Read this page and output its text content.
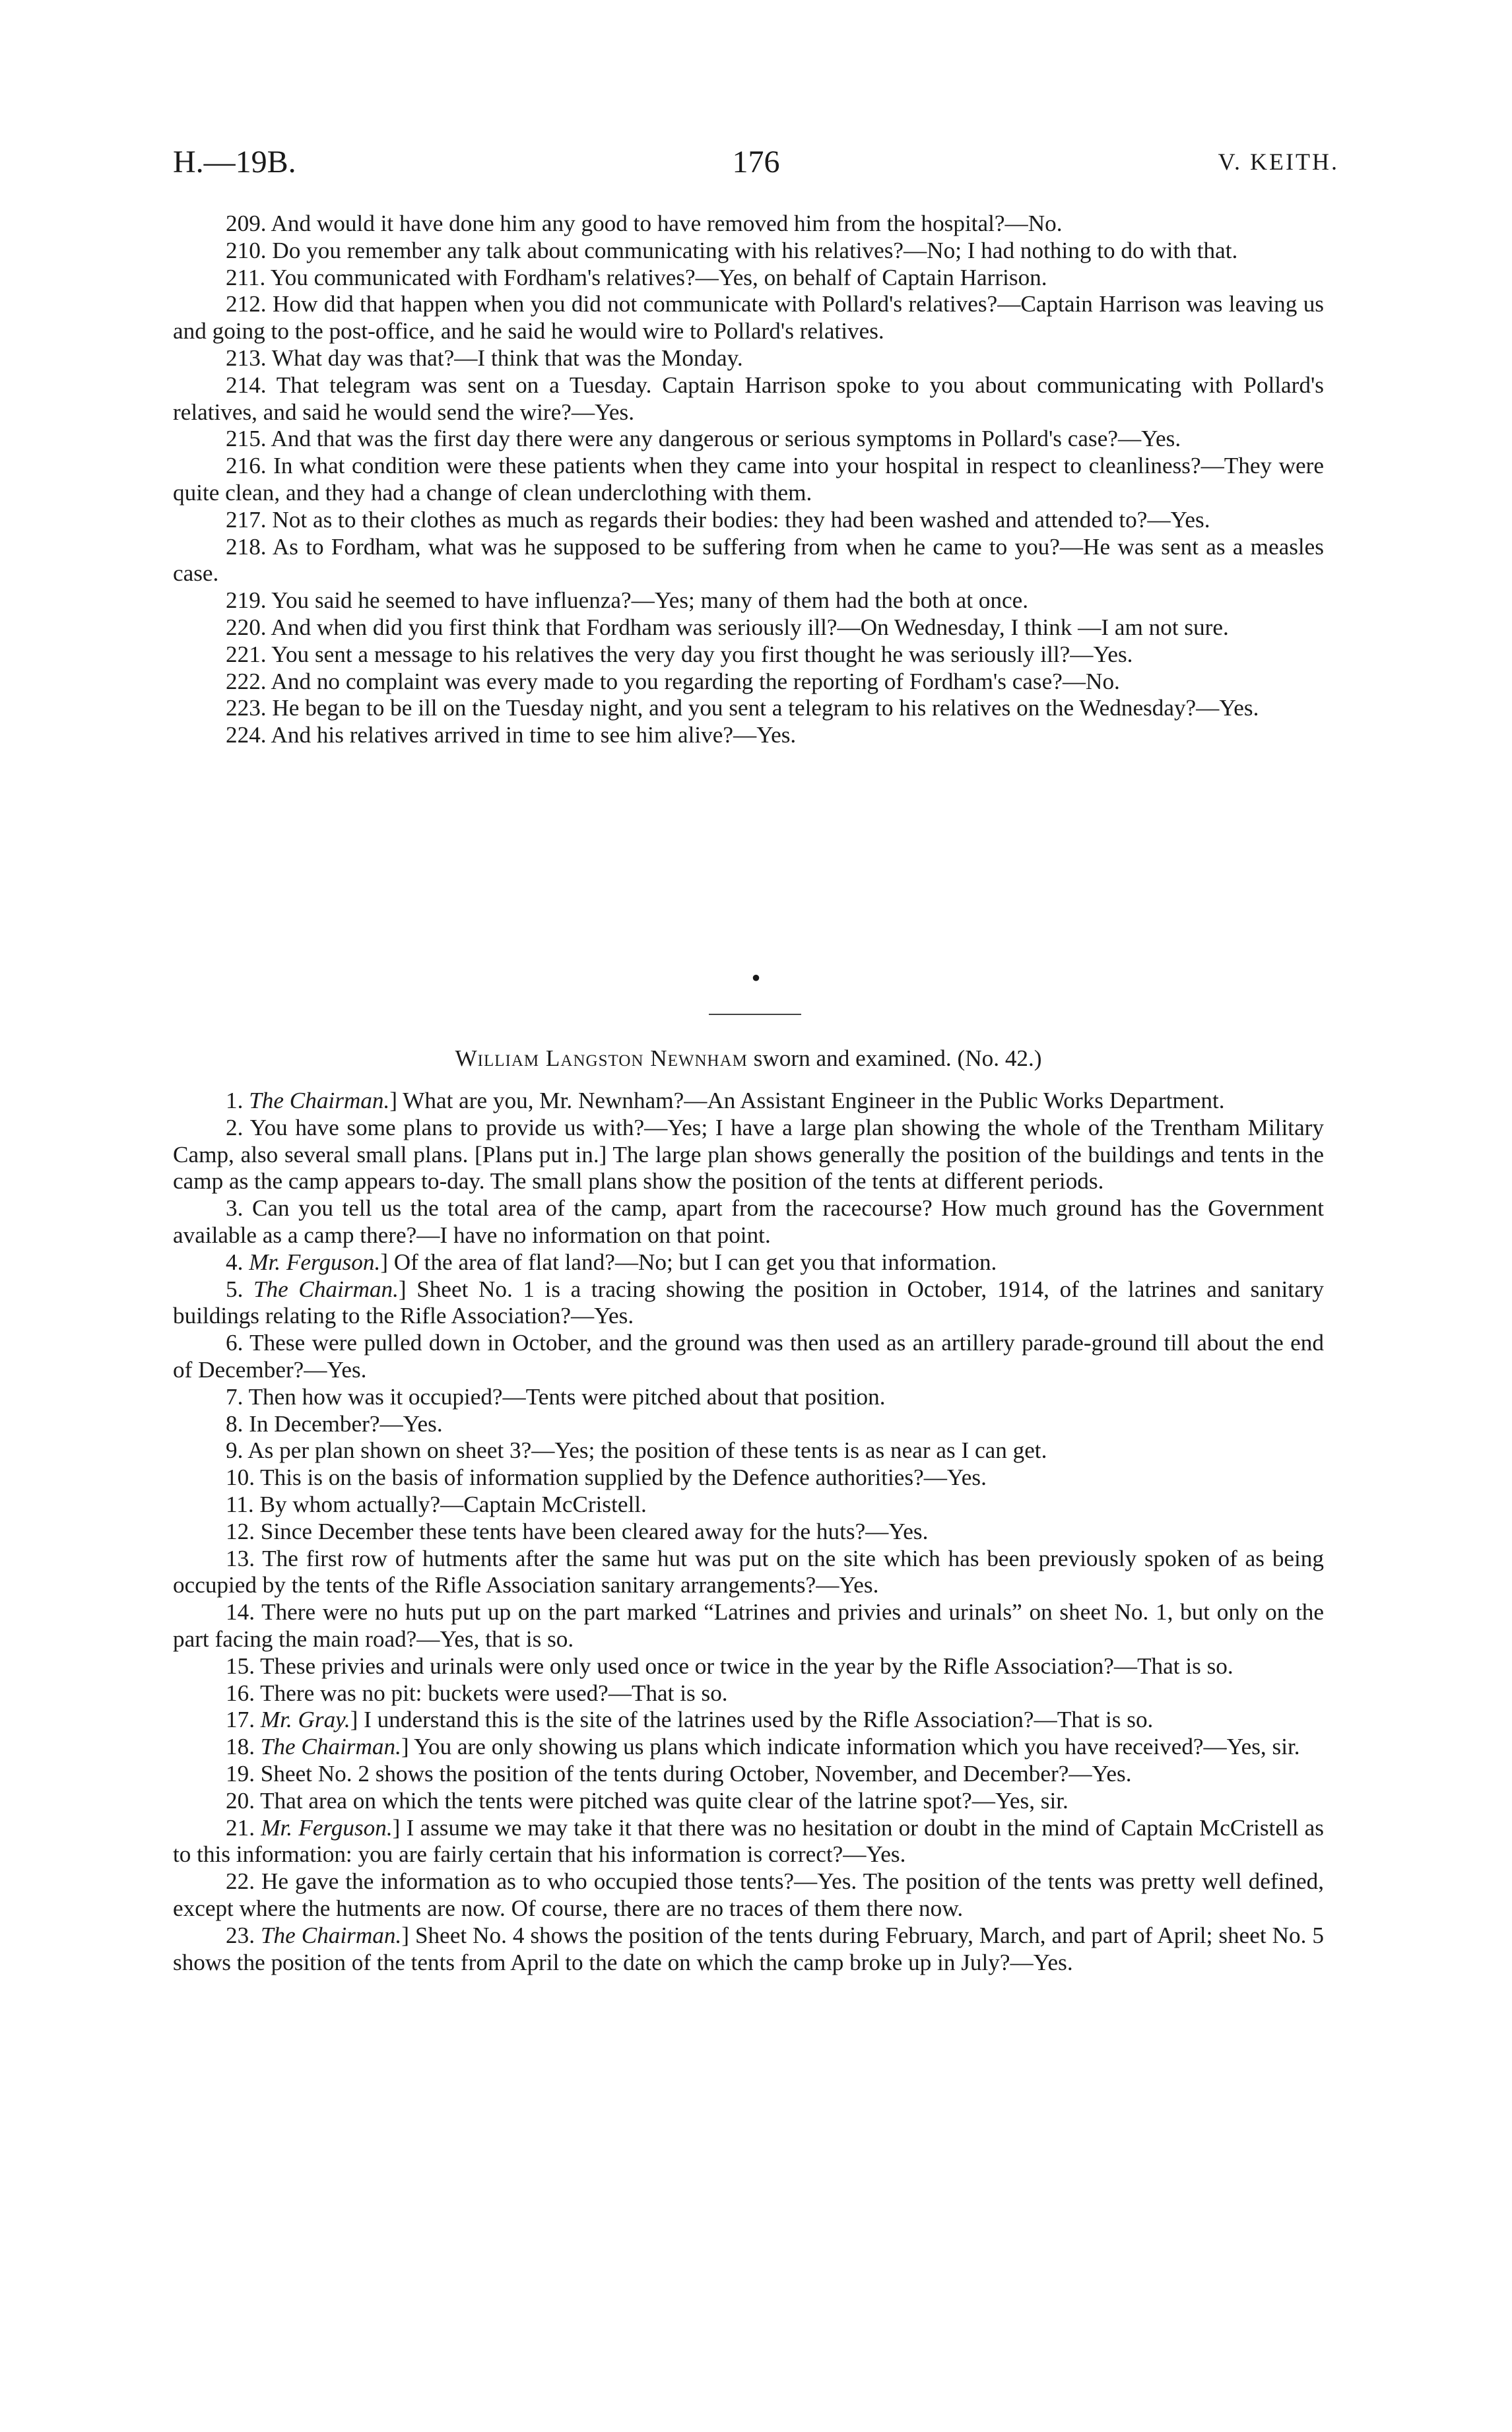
H.—19B.	176	V. KEITH.

209. And would it have done him any good to have removed him from the hospital?—No.

210. Do you remember any talk about communicating with his relatives?—No; I had nothing to do with that.

211. You communicated with Fordham's relatives?—Yes, on behalf of Captain Harrison.

212. How did that happen when you did not communicate with Pollard's relatives?—Captain Harrison was leaving us and going to the post-office, and he said he would wire to Pollard's relatives.

213. What day was that?—I think that was the Monday.

214. That telegram was sent on a Tuesday. Captain Harrison spoke to you about communicating with Pollard's relatives, and said he would send the wire?—Yes.

215. And that was the first day there were any dangerous or serious symptoms in Pollard's case?—Yes.

216. In what condition were these patients when they came into your hospital in respect to cleanliness?—They were quite clean, and they had a change of clean underclothing with them.

217. Not as to their clothes as much as regards their bodies: they had been washed and attended to?—Yes.

218. As to Fordham, what was he supposed to be suffering from when he came to you?—He was sent as a measles case.

219. You said he seemed to have influenza?—Yes; many of them had the both at once.

220. And when did you first think that Fordham was seriously ill?—On Wednesday, I think —I am not sure.

221. You sent a message to his relatives the very day you first thought he was seriously ill?—Yes.

222. And no complaint was every made to you regarding the reporting of Fordham's case?—No.

223. He began to be ill on the Tuesday night, and you sent a telegram to his relatives on the Wednesday?—Yes.

224. And his relatives arrived in time to see him alive?—Yes.

•
William Langston Newnham sworn and examined. (No. 42.)

1. The Chairman.] What are you, Mr. Newnham?—An Assistant Engineer in the Public Works Department.

2. You have some plans to provide us with?—Yes; I have a large plan showing the whole of the Trentham Military Camp, also several small plans. [Plans put in.] The large plan shows generally the position of the buildings and tents in the camp as the camp appears to-day. The small plans show the position of the tents at different periods.

3. Can you tell us the total area of the camp, apart from the racecourse? How much ground has the Government available as a camp there?—I have no information on that point.

4. Mr. Ferguson.] Of the area of flat land?—No; but I can get you that information.

5. The Chairman.] Sheet No. 1 is a tracing showing the position in October, 1914, of the latrines and sanitary buildings relating to the Rifle Association?—Yes.

6. These were pulled down in October, and the ground was then used as an artillery parade-ground till about the end of December?—Yes.

7. Then how was it occupied?—Tents were pitched about that position.

8. In December?—Yes.

9. As per plan shown on sheet 3?—Yes; the position of these tents is as near as I can get.

10. This is on the basis of information supplied by the Defence authorities?—Yes.

11. By whom actually?—Captain McCristell.

12. Since December these tents have been cleared away for the huts?—Yes.

13. The first row of hutments after the same hut was put on the site which has been previously spoken of as being occupied by the tents of the Rifle Association sanitary arrangements?—Yes.

14. There were no huts put up on the part marked “Latrines and privies and urinals” on sheet No. 1, but only on the part facing the main road?—Yes, that is so.

15. These privies and urinals were only used once or twice in the year by the Rifle Association?—That is so.

16. There was no pit: buckets were used?—That is so.

17. Mr. Gray.] I understand this is the site of the latrines used by the Rifle Association?—That is so.

18. The Chairman.] You are only showing us plans which indicate information which you have received?—Yes, sir.

19. Sheet No. 2 shows the position of the tents during October, November, and December?—Yes.

20. That area on which the tents were pitched was quite clear of the latrine spot?—Yes, sir.

21. Mr. Ferguson.] I assume we may take it that there was no hesitation or doubt in the mind of Captain McCristell as to this information: you are fairly certain that his information is correct?—Yes.

22. He gave the information as to who occupied those tents?—Yes. The position of the tents was pretty well defined, except where the hutments are now. Of course, there are no traces of them there now.

23. The Chairman.] Sheet No. 4 shows the position of the tents during February, March, and part of April; sheet No. 5 shows the position of the tents from April to the date on which the camp broke up in July?—Yes.
